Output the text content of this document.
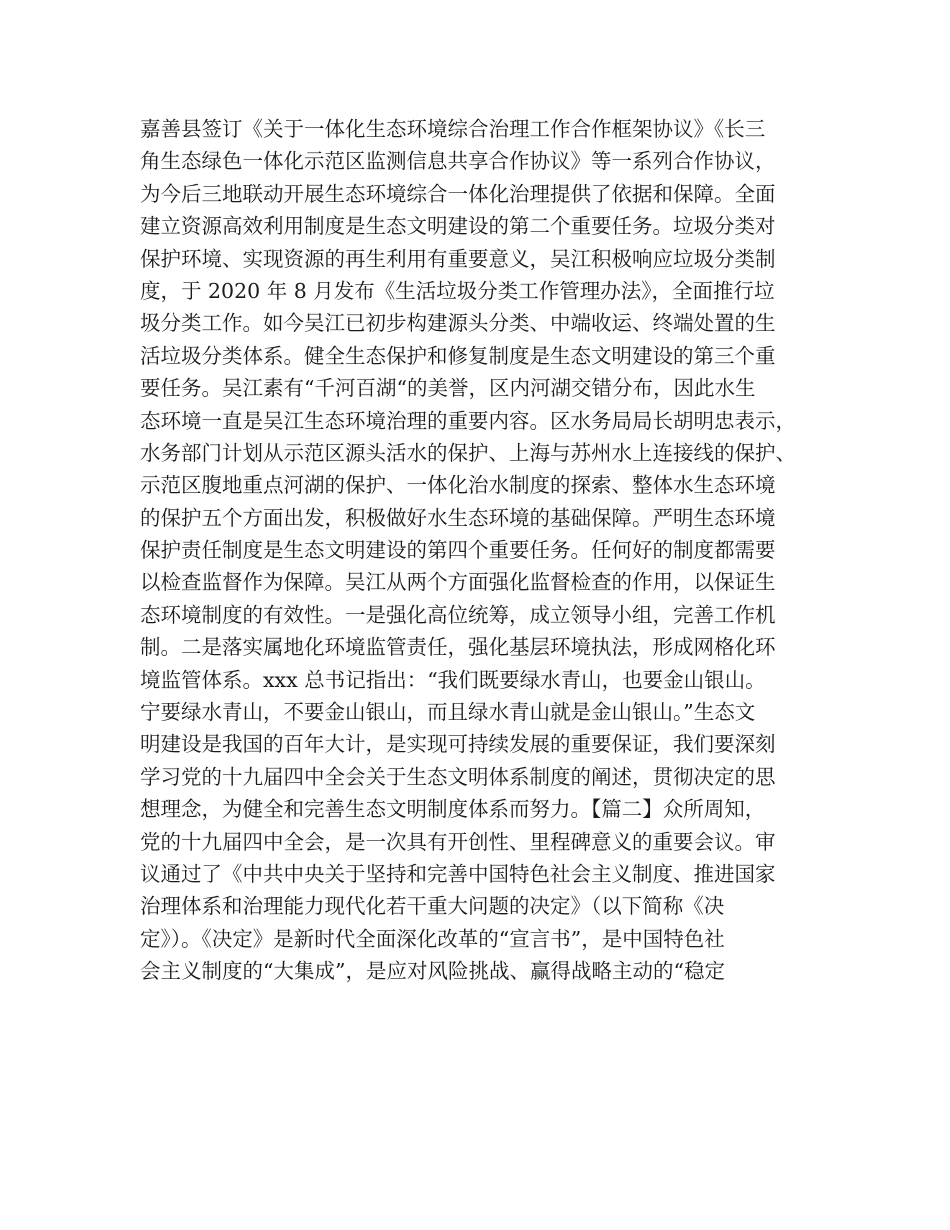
嘉善县签订《关于一体化生态环境综合治理工作合作框架协议》《长三
角生态绿色一体化示范区监测信息共享合作协议》等一系列合作协议，
为今后三地联动开展生态环境综合一体化治理提供了依据和保障。全面
建立资源高效利用制度是生态文明建设的第二个重要任务。垃圾分类对
保护环境、实现资源的再生利用有重要意义，吴江积极响应垃圾分类制
度，于 2020 年 8 月发布《生活垃圾分类工作管理办法》，全面推行垃
圾分类工作。如今吴江已初步构建源头分类、中端收运、终端处置的生
活垃圾分类体系。健全生态保护和修复制度是生态文明建设的第三个重
要任务。吴江素有“千河百湖“的美誉，区内河湖交错分布，因此水生
态环境一直是吴江生态环境治理的重要内容。区水务局局长胡明忠表示，
水务部门计划从示范区源头活水的保护、上海与苏州水上连接线的保护、
示范区腹地重点河湖的保护、一体化治水制度的探索、整体水生态环境
的保护五个方面出发，积极做好水生态环境的基础保障。严明生态环境
保护责任制度是生态文明建设的第四个重要任务。任何好的制度都需要
以检查监督作为保障。吴江从两个方面强化监督检查的作用，以保证生
态环境制度的有效性。一是强化高位统筹，成立领导小组，完善工作机
制。二是落实属地化环境监管责任，强化基层环境执法，形成网格化环
境监管体系。xxx 总书记指出：“我们既要绿水青山，也要金山银山。
宁要绿水青山，不要金山银山，而且绿水青山就是金山银山。”生态文
明建设是我国的百年大计，是实现可持续发展的重要保证，我们要深刻
学习党的十九届四中全会关于生态文明体系制度的阐述，贯彻决定的思
想理念，为健全和完善生态文明制度体系而努力。【篇二】众所周知，
党的十九届四中全会，是一次具有开创性、里程碑意义的重要会议。审
议通过了《中共中央关于坚持和完善中国特色社会主义制度、推进国家
治理体系和治理能力现代化若干重大问题的决定》（以下简称《决
定》）。《决定》是新时代全面深化改革的“宣言书”，是中国特色社
会主义制度的“大集成”，是应对风险挑战、赢得战略主动的“稳定
